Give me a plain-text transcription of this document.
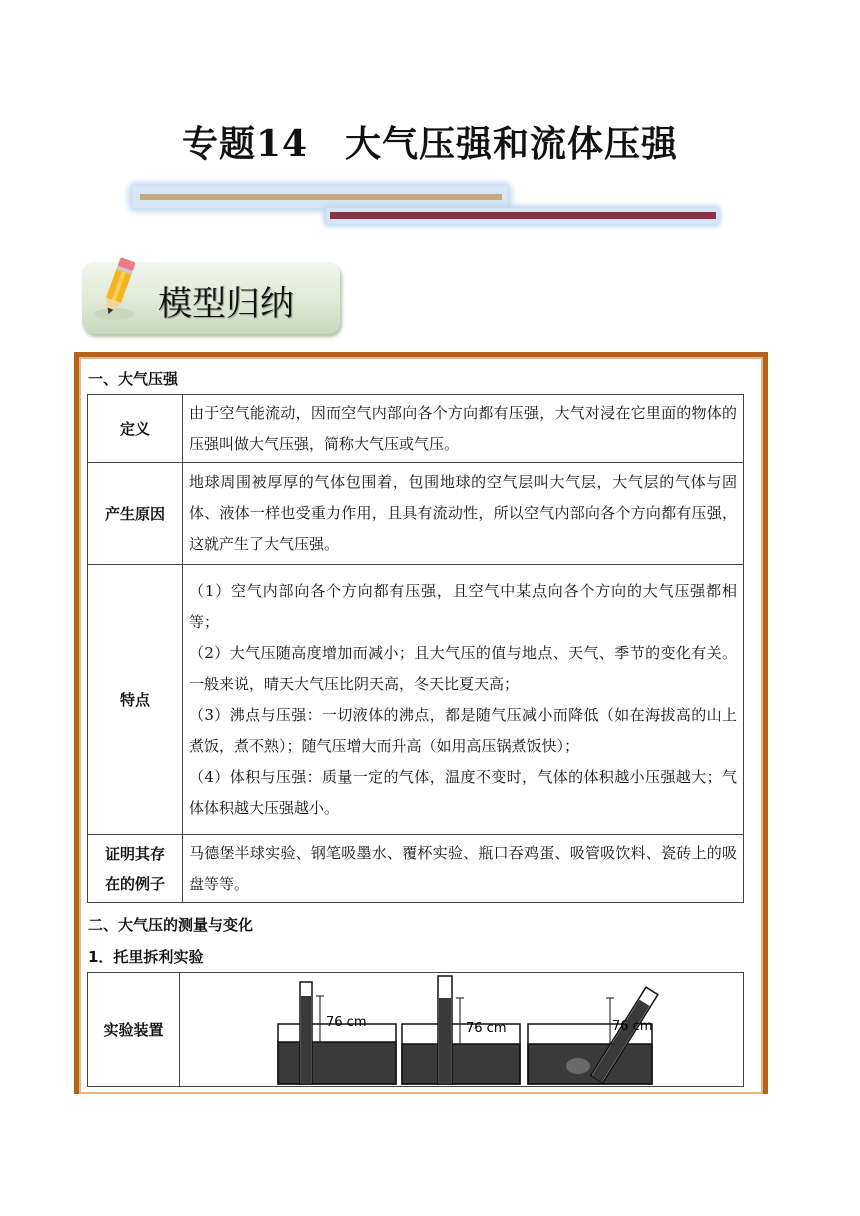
专题14　大气压强和流体压强
模型归纳
一、大气压强
定义	由于空气能流动，因而空气内部向各个方向都有压强，大气对浸在它里面的物体的压强叫做大气压强，简称大气压或气压。

产生原因	地球周围被厚厚的气体包围着，包围地球的空气层叫大气层，大气层的气体与固体、液体一样也受重力作用，且具有流动性，所以空气内部向各个方向都有压强，这就产生了大气压强。

特点	（1）空气内部向各个方向都有压强，且空气中某点向各个方向的大气压强都相等；

（2）大气压随高度增加而减小；且大气压的值与地点、天气、季节的变化有关。一般来说，晴天大气压比阴天高，冬天比夏天高；

（3）沸点与压强：一切液体的沸点，都是随气压减小而降低（如在海拔高的山上煮饭，煮不熟）；随气压增大而升高（如用高压锅煮饭快）；

（4）体积与压强：质量一定的气体，温度不变时，气体的体积越小压强越大；气体体积越大压强越小。

证明其存
在的例子	马德堡半球实验、钢笔吸墨水、覆杯实验、瓶口吞鸡蛋、吸管吸饮料、瓷砖上的吸盘等等。

二、大气压的测量与变化
1．托里拆利实验
实验装置	76 cm	76 cm	76 cm
